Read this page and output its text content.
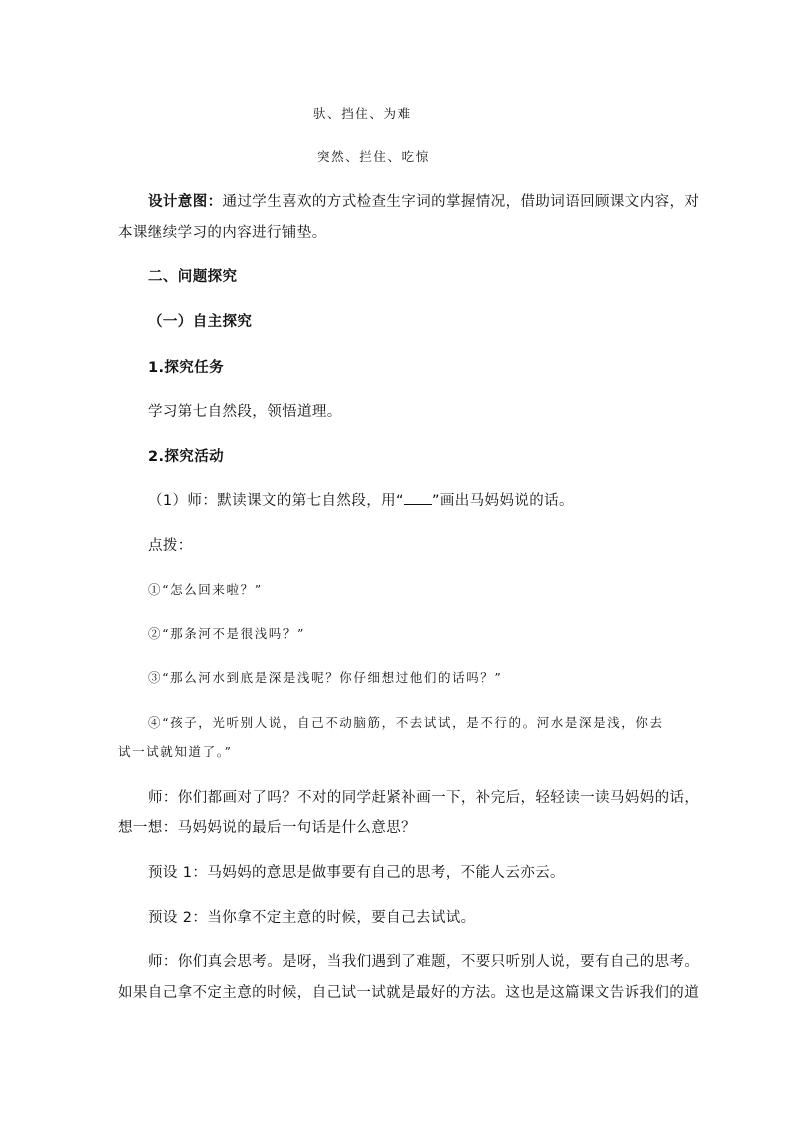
驮、挡住、为难
突然、拦住、吃惊
设计意图：通过学生喜欢的方式检查生字词的掌握情况，借助词语回顾课文内容，对
本课继续学习的内容进行铺垫。
二、问题探究
（一）自主探究
1.探究任务
学习第七自然段，领悟道理。
2.探究活动
（1）师：默读课文的第七自然段，用“ ”画出马妈妈说的话。
点拨：
①“怎么回来啦？”
②“那条河不是很浅吗？”
③“那么河水到底是深是浅呢？你仔细想过他们的话吗？”
④“孩子，光听别人说，自己不动脑筋，不去试试，是不行的。河水是深是浅，你去
试一试就知道了。”
师：你们都画对了吗？不对的同学赶紧补画一下，补完后，轻轻读一读马妈妈的话，
想一想：马妈妈说的最后一句话是什么意思？
预设 1：马妈妈的意思是做事要有自己的思考，不能人云亦云。
预设 2：当你拿不定主意的时候，要自己去试试。
师：你们真会思考。是呀，当我们遇到了难题，不要只听别人说，要有自己的思考。
如果自己拿不定主意的时候，自己试一试就是最好的方法。这也是这篇课文告诉我们的道
